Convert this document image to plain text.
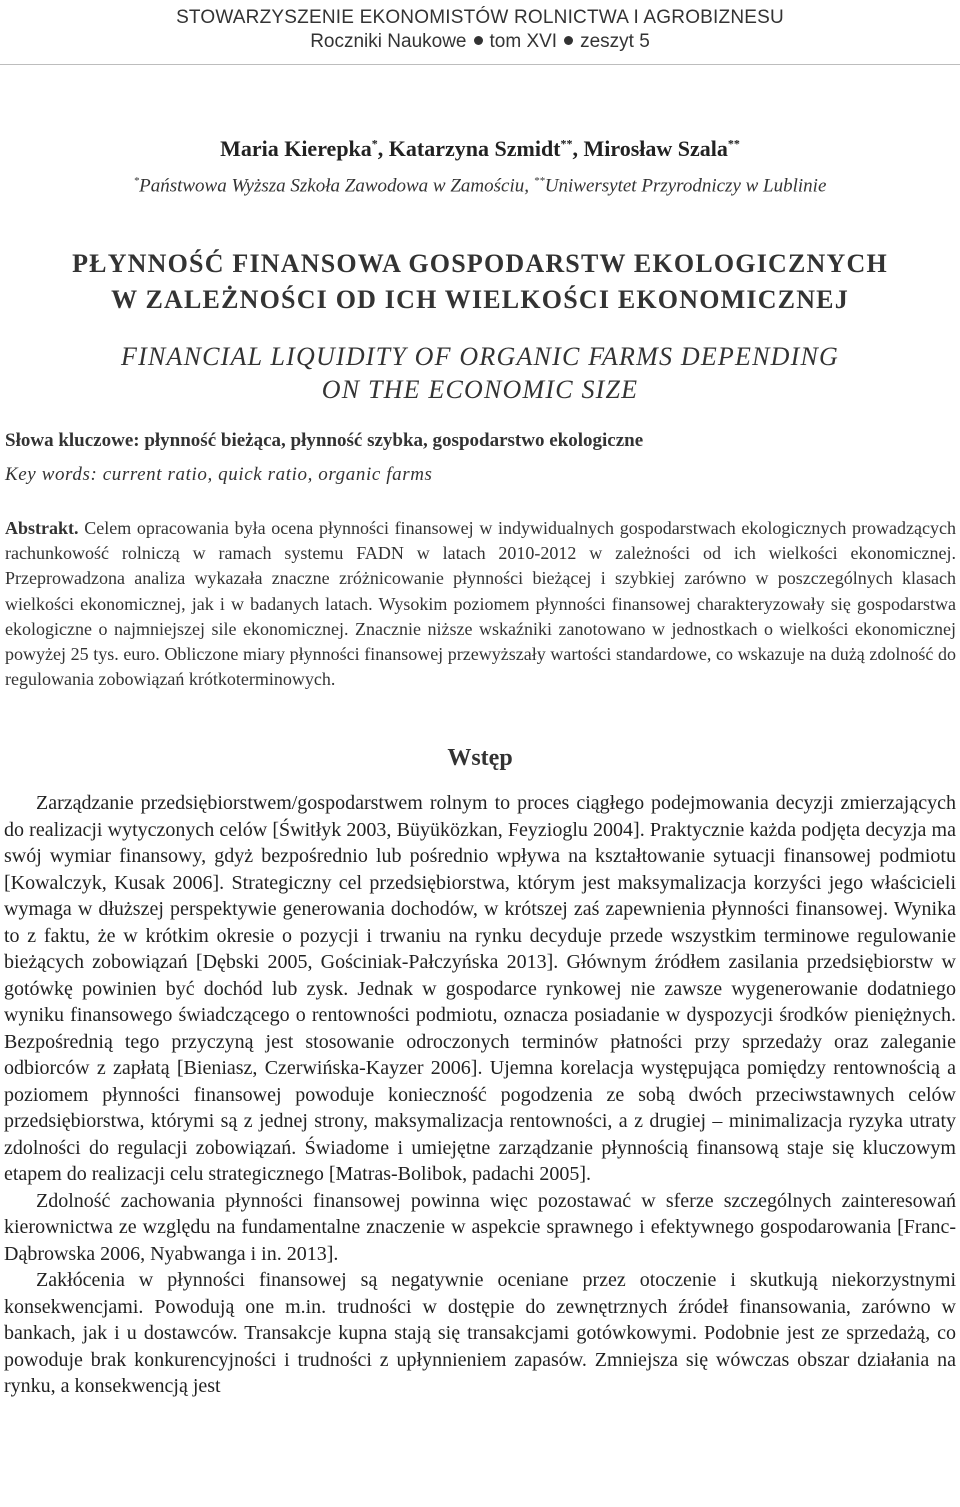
STOWARZYSZENIE EKONOMISTÓW ROLNICTWA I AGROBIZNESU
Roczniki Naukowe tom XVI zeszyt 5
Maria Kierepka*, Katarzyna Szmidt**, Mirosław Szala**
*Państwowa Wyższa Szkoła Zawodowa w Zamościu, **Uniwersytet Przyrodniczy w Lublinie
PŁYNNOŚĆ FINANSOWA GOSPODARSTW EKOLOGICZNYCH
W ZALEŻNOŚCI OD ICH WIELKOŚCI EKONOMICZNEJ
FINANCIAL LIQUIDITY OF ORGANIC FARMS DEPENDING
ON THE ECONOMIC SIZE
Słowa kluczowe: płynność bieżąca, płynność szybka, gospodarstwo ekologiczne
Key words: current ratio, quick ratio, organic farms
Abstrakt. Celem opracowania była ocena płynności finansowej w indywidualnych gospodarstwach ekologicznych prowadzących rachunkowość rolniczą w ramach systemu FADN w latach 2010-2012 w zależności od ich wielkości ekonomicznej. Przeprowadzona analiza wykazała znaczne zróżnicowanie płynności bieżącej i szybkiej zarówno w poszczególnych klasach wielkości ekonomicznej, jak i w badanych latach. Wysokim poziomem płynności finansowej charakteryzowały się gospodarstwa ekologiczne o najmniejszej sile ekonomicznej. Znacznie niższe wskaźniki zanotowano w jednostkach o wielkości ekonomicznej powyżej 25 tys. euro. Obliczone miary płynności finansowej przewyższały wartości standardowe, co wskazuje na dużą zdolność do regulowania zobowiązań krótkoterminowych.
Wstęp

Zarządzanie przedsiębiorstwem/gospodarstwem rolnym to proces ciągłego podejmowania decyzji zmierzających do realizacji wytyczonych celów [Świtłyk 2003, Büyüközkan, Feyzioglu 2004]. Praktycznie każda podjęta decyzja ma swój wymiar finansowy, gdyż bezpośrednio lub pośrednio wpływa na kształtowanie sytuacji finansowej podmiotu [Kowalczyk, Kusak 2006]. Strategiczny cel przedsiębiorstwa, którym jest maksymalizacja korzyści jego właścicieli wymaga w dłuższej perspektywie generowania dochodów, w krótszej zaś zapewnienia płynności finansowej. Wynika to z faktu, że w krótkim okresie o pozycji i trwaniu na rynku decyduje przede wszystkim terminowe regulowanie bieżących zobowiązań [Dębski 2005, Gościniak-Pałczyńska 2013]. Głównym źródłem zasilania przedsiębiorstw w gotówkę powinien być dochód lub zysk. Jednak w gospodarce rynkowej nie zawsze wygenerowanie dodatniego wyniku finansowego świadczącego o rentowności podmiotu, oznacza posiadanie w dyspozycji środków pieniężnych. Bezpośrednią tego przyczyną jest stosowanie odroczonych terminów płatności przy sprzedaży oraz zaleganie odbiorców z zapłatą [Bieniasz, Czerwińska-Kayzer 2006]. Ujemna korelacja występująca pomiędzy rentownością a poziomem płynności finansowej powoduje konieczność pogodzenia ze sobą dwóch przeciwstawnych celów przedsiębiorstwa, którymi są z jednej strony, maksymalizacja rentowności, a z drugiej – minimalizacja ryzyka utraty zdolności do regulacji zobowiązań. Świadome i umiejętne zarządzanie płynnością finansową staje się kluczowym etapem do realizacji celu strategicznego [Matras-Bolibok, padachi 2005].

Zdolność zachowania płynności finansowej powinna więc pozostawać w sferze szczególnych zainteresowań kierownictwa ze względu na fundamentalne znaczenie w aspekcie sprawnego i efektywnego gospodarowania [Franc-Dąbrowska 2006, Nyabwanga i in. 2013].

Zakłócenia w płynności finansowej są negatywnie oceniane przez otoczenie i skutkują niekorzystnymi konsekwencjami. Powodują one m.in. trudności w dostępie do zewnętrznych źródeł finansowania, zarówno w bankach, jak i u dostawców. Transakcje kupna stają się transakcjami gotówkowymi. Podobnie jest ze sprzedażą, co powoduje brak konkurencyjności i trudności z upłynnieniem zapasów. Zmniejsza się wówczas obszar działania na rynku, a konsekwencją jest
